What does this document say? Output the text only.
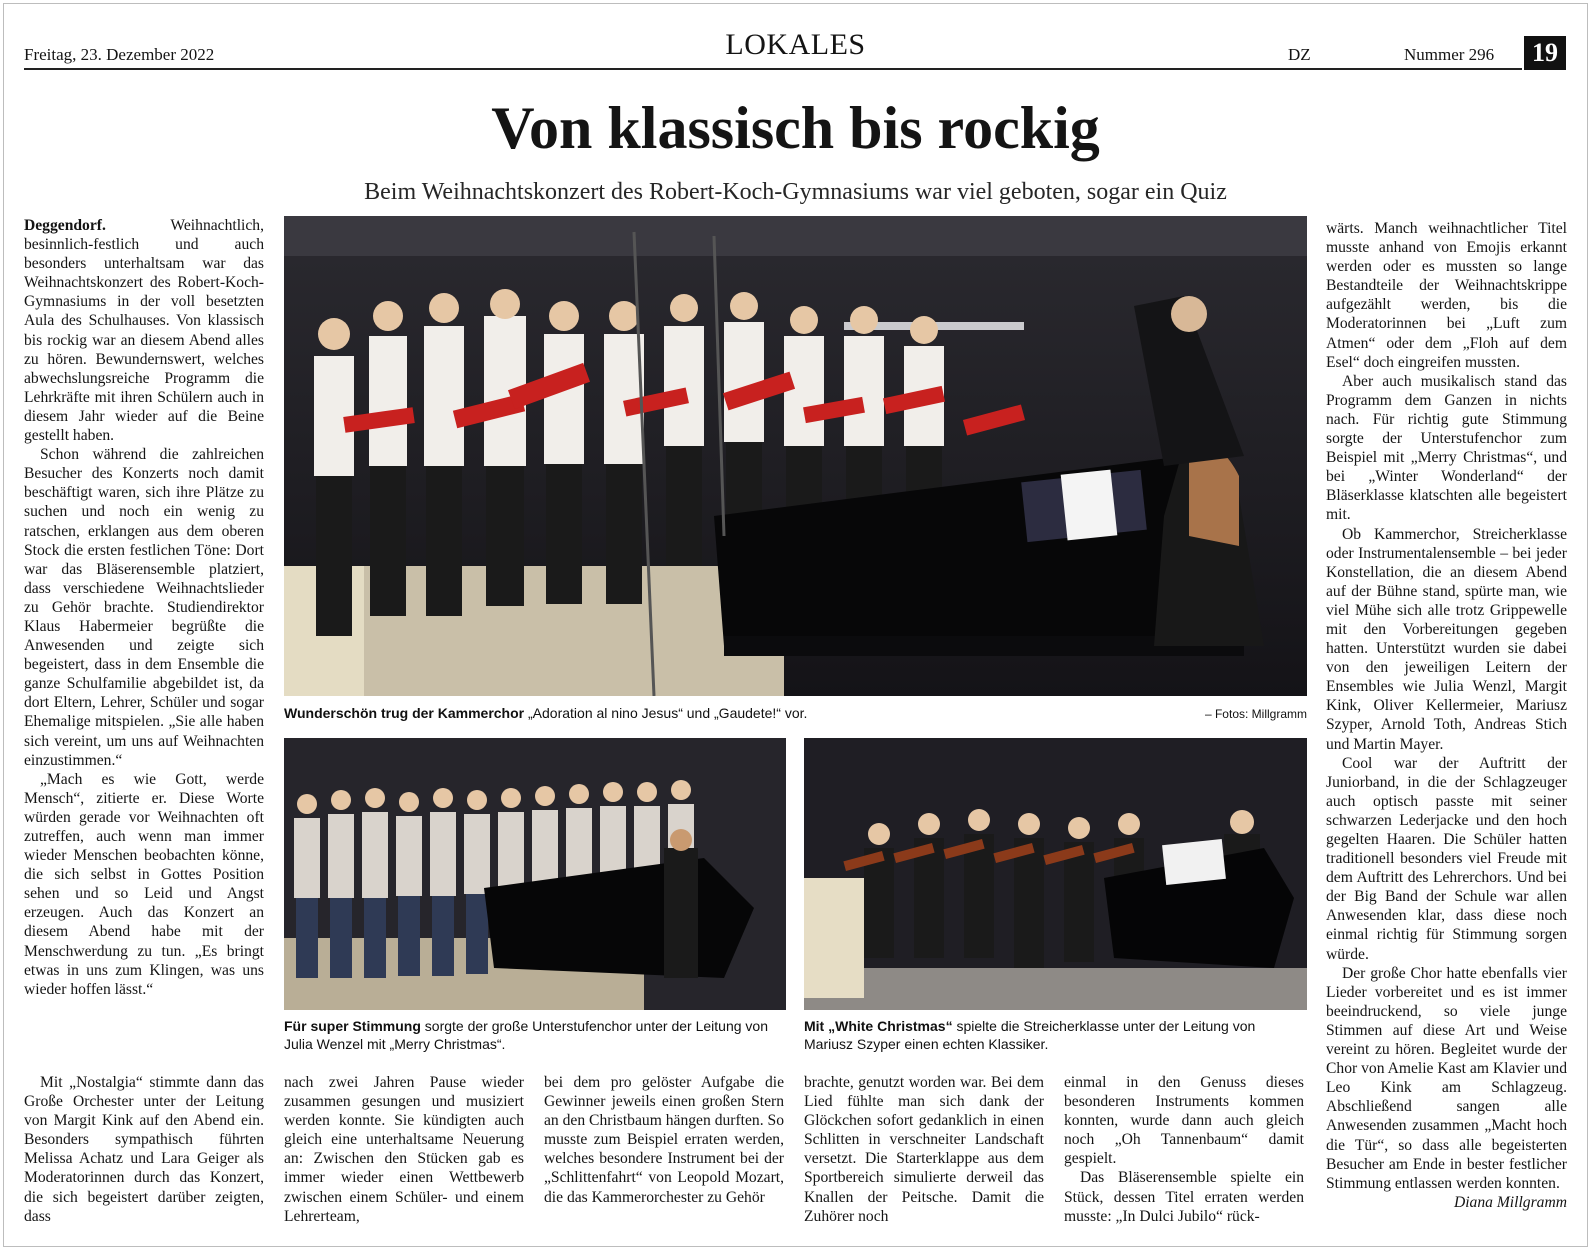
Freitag, 23. Dezember 2022	LOKALES	DZ	Nummer 296	19
Von klassisch bis rockig
Beim Weihnachtskonzert des Robert-Koch-Gymnasiums war viel geboten, sogar ein Quiz

Deggendorf.	Weihnachtlich, besinnlich-festlich und auch besonders unterhaltsam war das Weihnachtskonzert des Robert-Koch-Gymnasiums in der voll besetzten Aula des Schulhauses. Von klassisch bis rockig war an diesem Abend alles zu hören. Bewundernswert, welches abwechslungsreiche Programm die Lehrkräfte mit ihren Schülern auch in diesem Jahr wieder auf die Beine gestellt haben.

Schon während die zahlreichen Besucher des Konzerts noch damit beschäftigt waren, sich ihre Plätze zu suchen und noch ein wenig zu ratschen, erklangen aus dem oberen Stock die ersten festlichen Töne: Dort war das Bläserensemble platziert, dass verschiedene Weihnachtslieder zu Gehör brachte. Studiendirektor Klaus Habermeier begrüßte die Anwesenden und zeigte sich begeistert, dass in dem Ensemble die ganze Schulfamilie abgebildet ist, da dort Eltern, Lehrer, Schüler und sogar Ehemalige mitspielen. „Sie alle haben sich vereint, um uns auf Weihnachten einzustimmen.“

„Mach es wie Gott, werde Mensch“, zitierte er. Diese Worte würden gerade vor Weihnachten oft zutreffen, auch wenn man immer wieder Menschen beobachten könne, die sich selbst in Gottes Position sehen und so Leid und Angst erzeugen. Auch das Konzert an diesem Abend habe mit der Menschwerdung zu tun. „Es bringt etwas in uns zum Klingen, was uns wieder hoffen lässt.“

Wunderschön trug der Kammerchor „Adoration al nino Jesus“ und „Gaudete!“ vor.	– Fotos: Millgramm
Für super Stimmung sorgte der große Unterstufenchor unter der Leitung von Julia Wenzel mit „Merry Christmas“.
Mit „White Christmas“ spielte die Streicherklasse unter der Leitung von Mariusz Szyper einen echten Klassiker.

Mit „Nostalgia“ stimmte dann das Große Orchester unter der Leitung von Margit Kink auf den Abend ein. Besonders sympathisch führten Melissa Achatz und Lara Geiger als Moderatorinnen durch das Konzert, die sich begeistert darüber zeigten, dass

nach zwei Jahren Pause wieder zusammen gesungen und musiziert werden konnte. Sie kündigten auch gleich eine unterhaltsame Neuerung an: Zwischen den Stücken gab es immer wieder einen Wettbewerb zwischen einem Schüler- und einem Lehrerteam,

bei dem pro gelöster Aufgabe die Gewinner jeweils einen großen Stern an den Christbaum hängen durften. So musste zum Beispiel erraten werden, welches besondere Instrument bei der „Schlittenfahrt“ von Leopold Mozart, die das Kammerorchester zu Gehör

brachte, genutzt worden war. Bei dem Lied fühlte man sich dank der Glöckchen sofort gedanklich in einen Schlitten in verschneiter Landschaft versetzt. Die Starterklappe aus dem Sportbereich simulierte derweil das Knallen der Peitsche. Damit die Zuhörer noch

einmal in den Genuss dieses besonderen Instruments kommen konnten, wurde dann auch gleich noch „Oh Tannenbaum“ damit gespielt.

Das Bläserensemble spielte ein Stück, dessen Titel erraten werden musste: „In Dulci Jubilo“ rück-

wärts. Manch weihnachtlicher Titel musste anhand von Emojis erkannt werden oder es mussten so lange Bestandteile der Weihnachtskrippe aufgezählt werden, bis die Moderatorinnen bei „Luft zum Atmen“ oder dem „Floh auf dem Esel“ doch eingreifen mussten.

Aber auch musikalisch stand das Programm dem Ganzen in nichts nach. Für richtig gute Stimmung sorgte der Unterstufenchor zum Beispiel mit „Merry Christmas“, und bei „Winter Wonderland“ der Bläserklasse klatschten alle begeistert mit.

Ob Kammerchor, Streicherklasse oder Instrumentalensemble – bei jeder Konstellation, die an diesem Abend auf der Bühne stand, spürte man, wie viel Mühe sich alle trotz Grippewelle mit den Vorbereitungen gegeben hatten. Unterstützt wurden sie dabei von den jeweiligen Leitern der Ensembles wie Julia Wenzl, Margit Kink, Oliver Kellermeier, Mariusz Szyper, Arnold Toth, Andreas Stich und Martin Mayer.

Cool war der Auftritt der Juniorband, in die der Schlagzeuger auch optisch passte mit seiner schwarzen Lederjacke und den hoch gegelten Haaren. Die Schüler hatten traditionell besonders viel Freude mit dem Auftritt des Lehrerchors. Und bei der Big Band der Schule war allen Anwesenden klar, dass diese noch einmal richtig für Stimmung sorgen würde.

Der große Chor hatte ebenfalls vier Lieder vorbereitet und es ist immer beeindruckend, so viele junge Stimmen auf diese Art und Weise vereint zu hören. Begleitet wurde der Chor von Amelie Kast am Klavier und Leo Kink am Schlagzeug. Abschließend sangen alle Anwesenden zusammen „Macht hoch die Tür“, so dass alle begeisterten Besucher am Ende in bester festlicher Stimmung entlassen werden konnten.

Diana Millgramm
